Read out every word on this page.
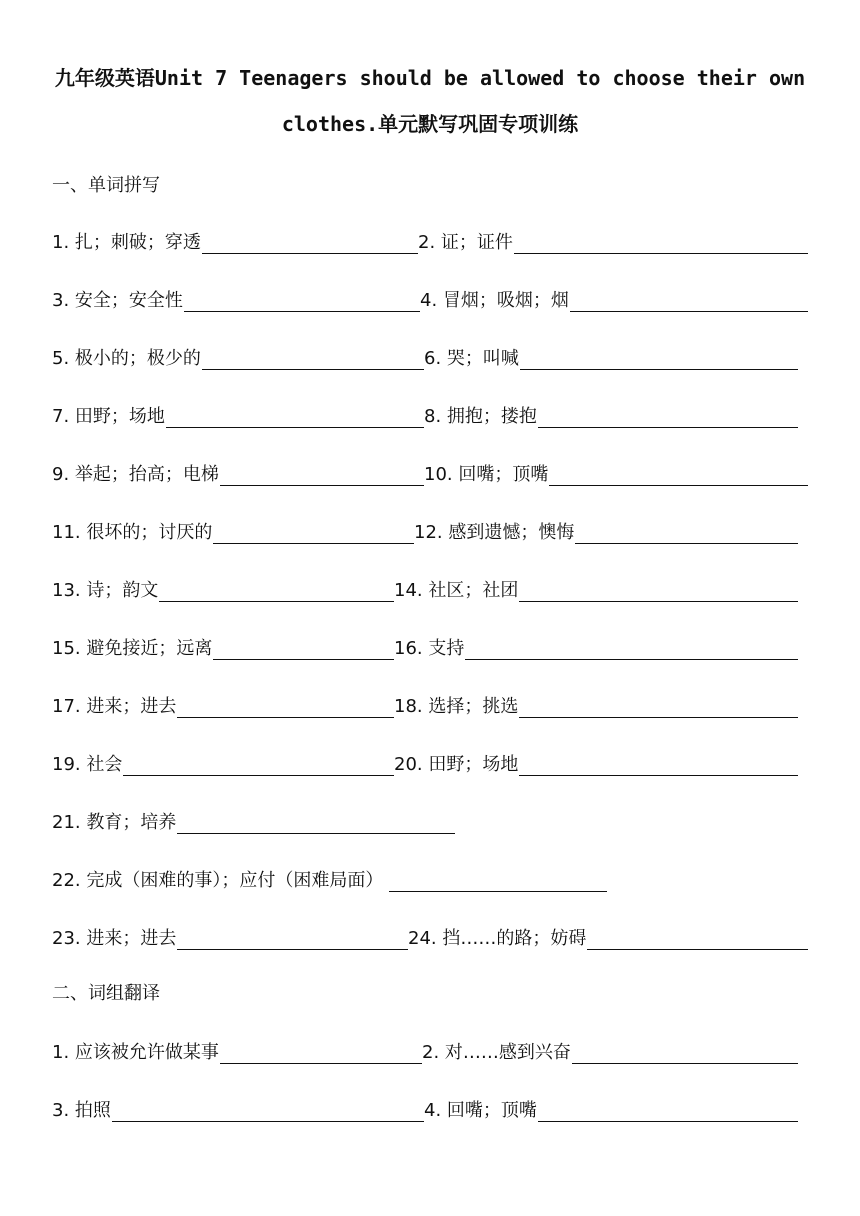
九年级英语Unit 7 Teenagers should be allowed to choose their own
clothes.单元默写巩固专项训练
一、单词拼写
1. 扎；刺破；穿透	2. 证；证件
3. 安全；安全性	4. 冒烟；吸烟；烟
5. 极小的；极少的	6. 哭；叫喊
7. 田野；场地	8. 拥抱；搂抱
9. 举起；抬高；电梯	10. 回嘴；顶嘴
11. 很坏的；讨厌的	12. 感到遗憾；懊悔
13. 诗；韵文	14. 社区；社团
15. 避免接近；远离	16. 支持
17. 进来；进去	18. 选择；挑选
19. 社会	20. 田野；场地
21. 教育；培养
22. 完成（困难的事）；应付（困难局面）
23. 进来；进去	24. 挡……的路；妨碍
二、词组翻译
1. 应该被允许做某事	2. 对……感到兴奋
3. 拍照	4. 回嘴；顶嘴
